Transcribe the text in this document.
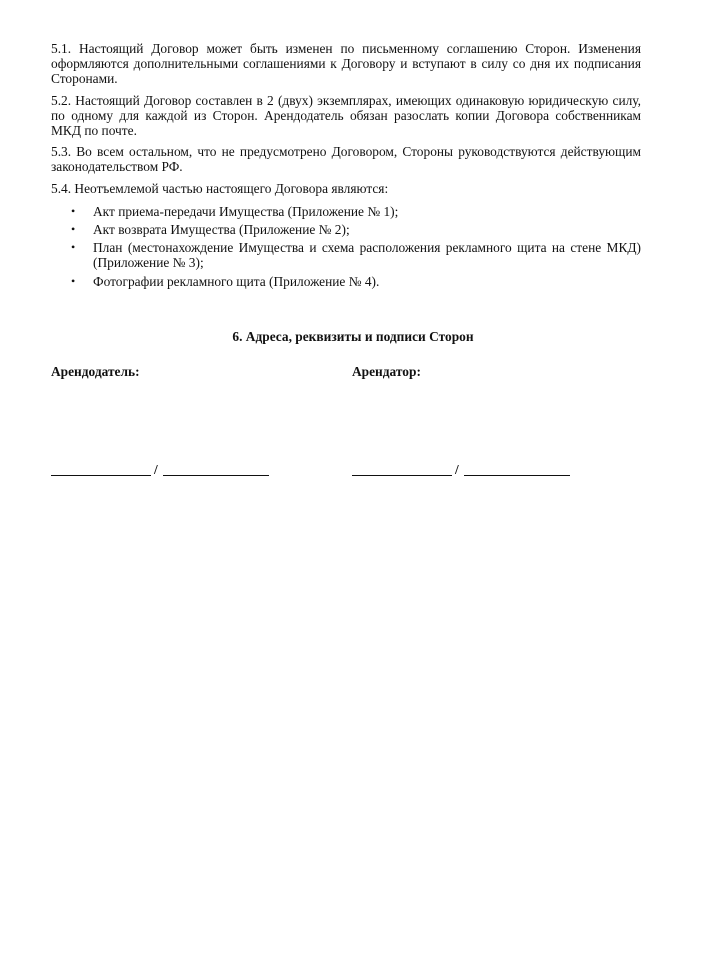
5.1. Настоящий Договор может быть изменен по письменному соглашению Сторон. Изменения оформляются дополнительными соглашениями к Договору и вступают в силу со дня их подписания Сторонами.

5.2. Настоящий Договор составлен в 2 (двух) экземплярах, имеющих одинаковую юридическую силу, по одному для каждой из Сторон. Арендодатель обязан разослать копии Договора собственникам МКД по почте.

5.3. Во всем остальном, что не предусмотрено Договором, Стороны руководствуются действующим законодательством РФ.

5.4. Неотъемлемой частью настоящего Договора являются:

• Акт приема-передачи Имущества (Приложение № 1);
• Акт возврата Имущества (Приложение № 2);
• План (местонахождение Имущества и схема расположения рекламного щита на стене МКД) (Приложение № 3);
• Фотографии рекламного щита (Приложение № 4).
6. Адреса, реквизиты и подписи Сторон
Арендодатель:	Арендатор:
/	/
